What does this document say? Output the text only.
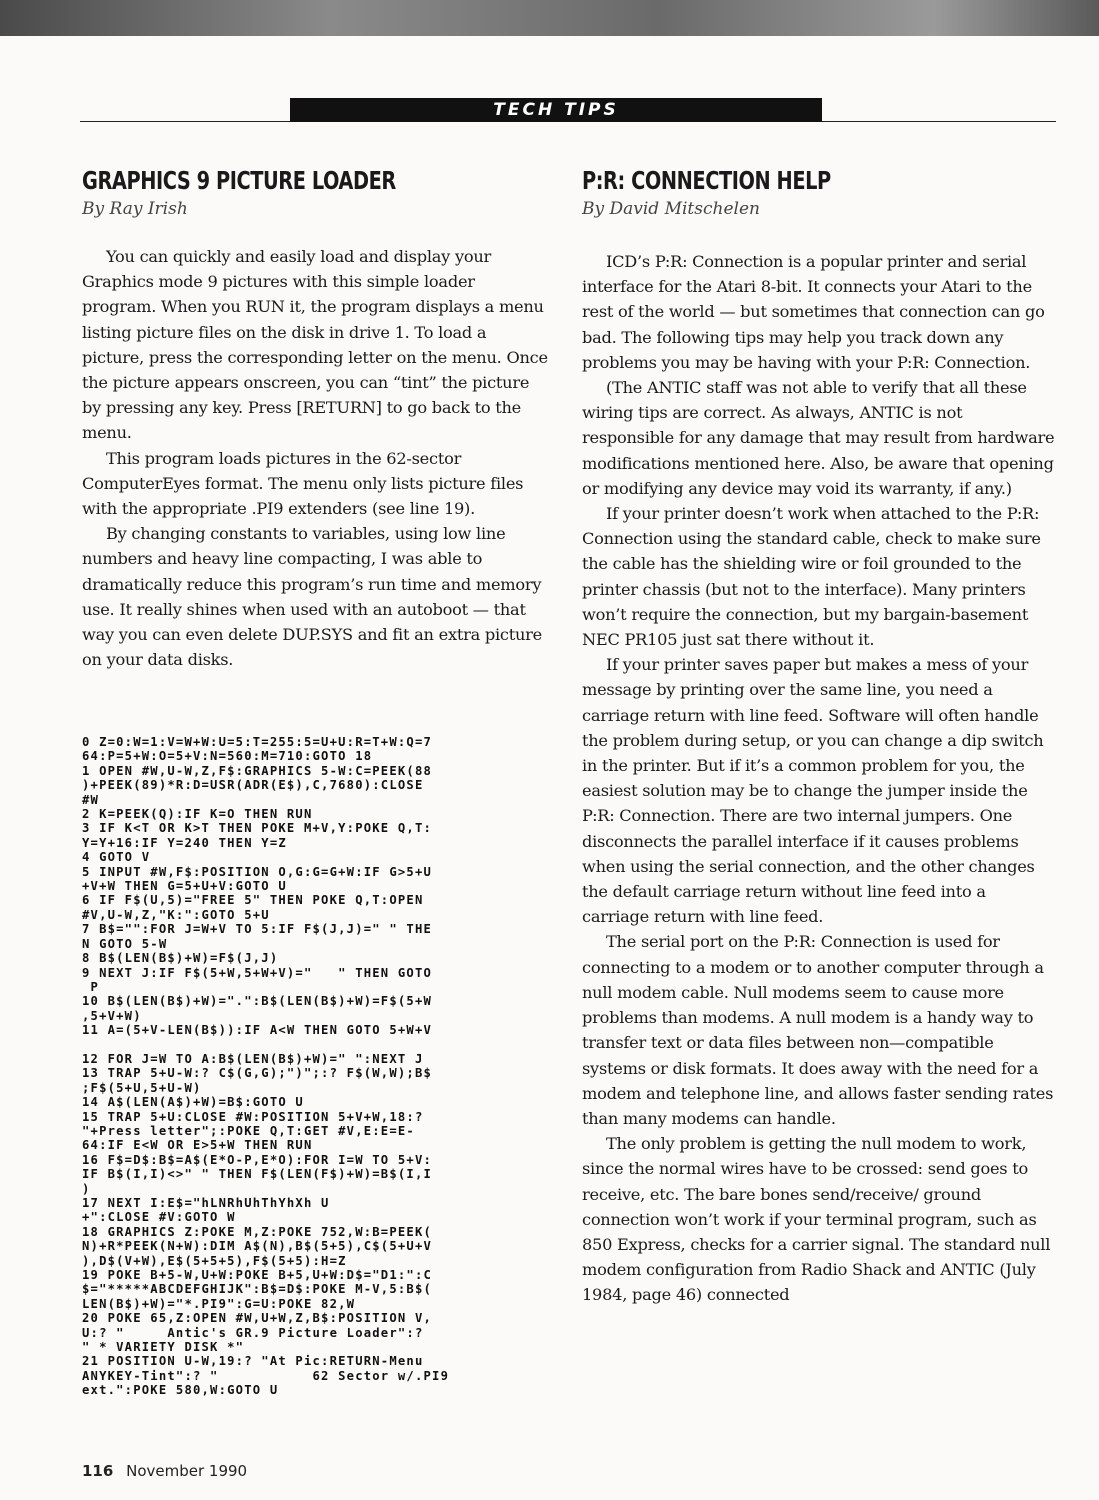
TECH TIPS
GRAPHICS 9 PICTURE LOADER

By Ray Irish

You can quickly and easily load and display your Graphics mode 9 pictures with this simple loader program. When you RUN it, the program displays a menu listing picture files on the disk in drive 1. To load a picture, press the corresponding letter on the menu. Once the picture appears onscreen, you can “tint” the picture by pressing any key. Press [RETURN] to go back to the menu.

This program loads pictures in the 62-sector ComputerEyes format. The menu only lists picture files with the appropriate .PI9 extenders (see line 19).

By changing constants to variables, using low line numbers and heavy line compacting, I was able to dramatically reduce this program’s run time and memory use. It really shines when used with an autoboot — that way you can even delete DUP.SYS and fit an extra picture on your data disks.

0 Z=0:W=1:V=W+W:U=5:T=255:5=U+U:R=T+W:Q=7
64:P=5+W:O=5+V:N=560:M=710:GOTO 18
1 OPEN #W,U-W,Z,F$:GRAPHICS 5-W:C=PEEK(88
)+PEEK(89)*R:D=USR(ADR(E$),C,7680):CLOSE
#W
2 K=PEEK(Q):IF K=O THEN RUN
3 IF K<T OR K>T THEN POKE M+V,Y:POKE Q,T:
Y=Y+16:IF Y=240 THEN Y=Z
4 GOTO V
5 INPUT #W,F$:POSITION O,G:G=G+W:IF G>5+U
+V+W THEN G=5+U+V:GOTO U
6 IF F$(U,5)="FREE 5" THEN POKE Q,T:OPEN
#V,U-W,Z,"K:":GOTO 5+U
7 B$="":FOR J=W+V TO 5:IF F$(J,J)=" " THE
N GOTO 5-W
8 B$(LEN(B$)+W)=F$(J,J)
9 NEXT J:IF F$(5+W,5+W+V)="   " THEN GOTO
P
10 B$(LEN(B$)+W)=".":B$(LEN(B$)+W)=F$(5+W
,5+V+W)
11 A=(5+V-LEN(B$)):IF A<W THEN GOTO 5+W+V

12 FOR J=W TO A:B$(LEN(B$)+W)=" ":NEXT J
13 TRAP 5+U-W:? C$(G,G);")";:? F$(W,W);B$
;F$(5+U,5+U-W)
14 A$(LEN(A$)+W)=B$:GOTO U
15 TRAP 5+U:CLOSE #W:POSITION 5+V+W,18:?
"+Press letter";:POKE Q,T:GET #V,E:E=E-
64:IF E<W OR E>5+W THEN RUN
16 F$=D$:B$=A$(E*O-P,E*O):FOR I=W TO 5+V:
IF B$(I,I)<>" " THEN F$(LEN(F$)+W)=B$(I,I
)
17 NEXT I:E$="hLNRhUhThYhXh U
+":CLOSE #V:GOTO W
18 GRAPHICS Z:POKE M,Z:POKE 752,W:B=PEEK(
N)+R*PEEK(N+W):DIM A$(N),B$(5+5),C$(5+U+V
),D$(V+W),E$(5+5+5),F$(5+5):H=Z
19 POKE B+5-W,U+W:POKE B+5,U+W:D$="D1:":C
$="*****ABCDEFGHIJK":B$=D$:POKE M-V,5:B$(
LEN(B$)+W)="*.PI9":G=U:POKE 82,W
20 POKE 65,Z:OPEN #W,U+W,Z,B$:POSITION V,
U:? "     Antic's GR.9 Picture Loader":?
" * VARIETY DISK *"
21 POSITION U-W,19:? "At Pic:RETURN-Menu
ANYKEY-Tint":? "           62 Sector w/.PI9
ext.":POKE 580,W:GOTO U

P:R: CONNECTION HELP

By David Mitschelen

ICD’s P:R: Connection is a popular printer and serial interface for the Atari 8-bit. It connects your Atari to the rest of the world — but sometimes that connection can go bad. The following tips may help you track down any problems you may be having with your P:R: Connection.

(The ANTIC staff was not able to verify that all these wiring tips are correct. As always, ANTIC is not responsible for any damage that may result from hardware modifications mentioned here. Also, be aware that opening or modifying any device may void its warranty, if any.)

If your printer doesn’t work when attached to the P:R: Connection using the standard cable, check to make sure the cable has the shielding wire or foil grounded to the printer chassis (but not to the interface). Many printers won’t require the connection, but my bargain-basement NEC PR105 just sat there without it.

If your printer saves paper but makes a mess of your message by printing over the same line, you need a carriage return with line feed. Software will often handle the problem during setup, or you can change a dip switch in the printer. But if it’s a common problem for you, the easiest solution may be to change the jumper inside the P:R: Connection. There are two internal jumpers. One disconnects the parallel interface if it causes problems when using the serial connection, and the other changes the default carriage return without line feed into a carriage return with line feed.

The serial port on the P:R: Connection is used for connecting to a modem or to another computer through a null modem cable. Null modems seem to cause more problems than modems. A null modem is a handy way to transfer text or data files between non—compatible systems or disk formats. It does away with the need for a modem and telephone line, and allows faster sending rates than many modems can handle.

The only problem is getting the null modem to work, since the normal wires have to be crossed: send goes to receive, etc. The bare bones send/receive/ ground connection won’t work if your terminal program, such as 850 Express, checks for a carrier signal. The standard null modem configuration from Radio Shack and ANTIC (July 1984, page 46) connected

116 November 1990
